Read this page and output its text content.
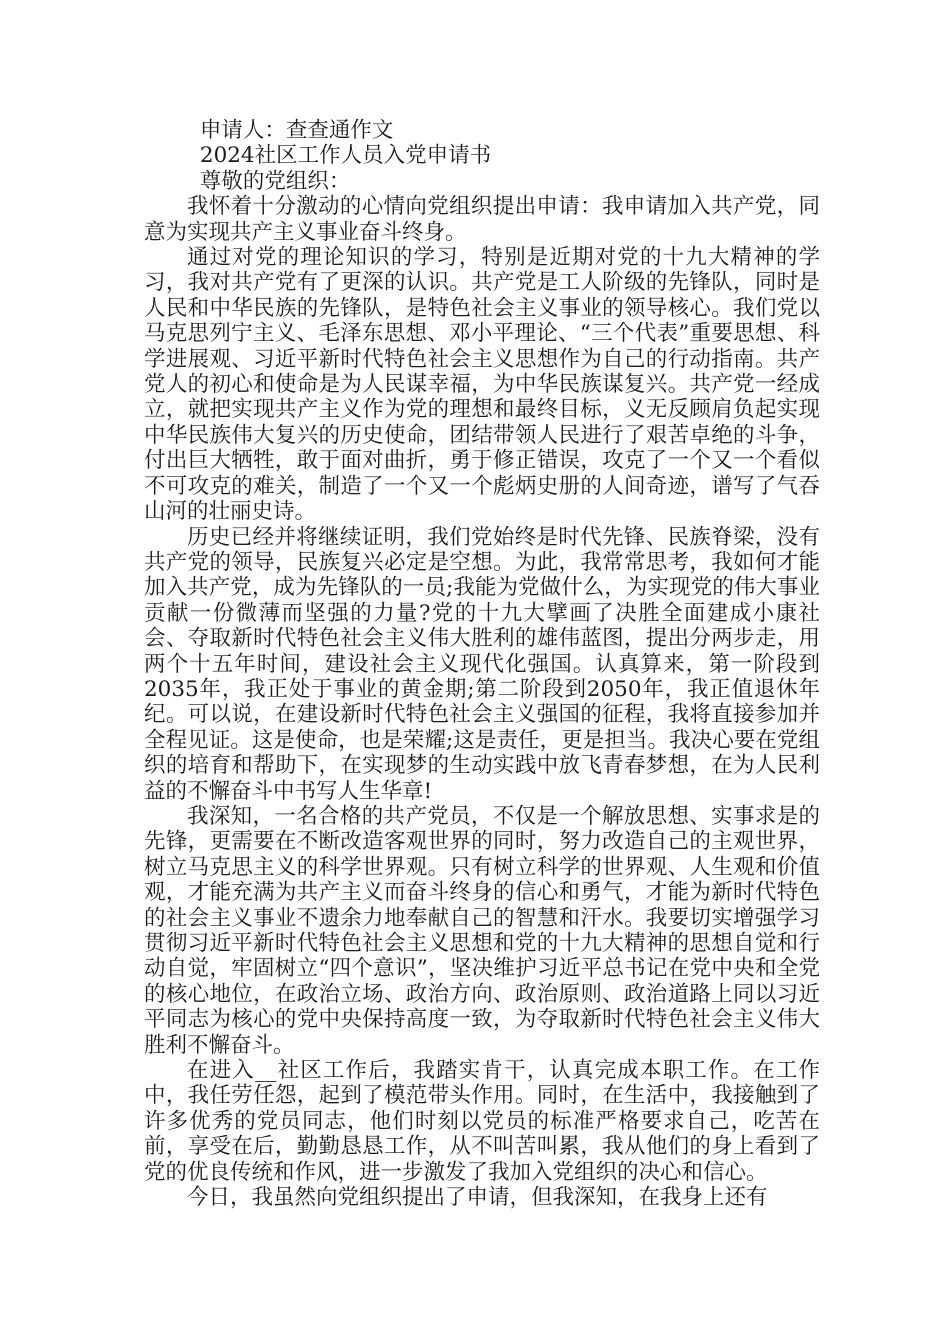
申请人：查查通作文

2024社区工作人员入党申请书

尊敬的党组织：

我怀着十分激动的心情向党组织提出申请：我申请加入共产党，同意为实现共产主义事业奋斗终身。

通过对党的理论知识的学习，特别是近期对党的十九大精神的学习，我对共产党有了更深的认识。共产党是工人阶级的先锋队，同时是人民和中华民族的先锋队，是特色社会主义事业的领导核心。我们党以马克思列宁主义、毛泽东思想、邓小平理论、“三个代表”重要思想、科学进展观、习近平新时代特色社会主义思想作为自己的行动指南。共产党人的初心和使命是为人民谋幸福，为中华民族谋复兴。共产党一经成立，就把实现共产主义作为党的理想和最终目标，义无反顾肩负起实现中华民族伟大复兴的历史使命，团结带领人民进行了艰苦卓绝的斗争，付出巨大牺牲，敢于面对曲折，勇于修正错误，攻克了一个又一个看似不可攻克的难关，制造了一个又一个彪炳史册的人间奇迹，谱写了气吞山河的壮丽史诗。

历史已经并将继续证明，我们党始终是时代先锋、民族脊梁，没有共产党的领导，民族复兴必定是空想。为此，我常常思考，我如何才能加入共产党，成为先锋队的一员;我能为党做什么，为实现党的伟大事业贡献一份微薄而坚强的力量?党的十九大擘画了决胜全面建成小康社会、夺取新时代特色社会主义伟大胜利的雄伟蓝图，提出分两步走，用两个十五年时间，建设社会主义现代化强国。认真算来，第一阶段到2035年，我正处于事业的黄金期;第二阶段到2050年，我正值退休年纪。可以说，在建设新时代特色社会主义强国的征程，我将直接参加并全程见证。这是使命，也是荣耀;这是责任，更是担当。我决心要在党组织的培育和帮助下，在实现梦的生动实践中放飞青春梦想，在为人民利益的不懈奋斗中书写人生华章!

我深知，一名合格的共产党员，不仅是一个解放思想、实事求是的先锋，更需要在不断改造客观世界的同时，努力改造自己的主观世界，树立马克思主义的科学世界观。只有树立科学的世界观、人生观和价值观，才能充满为共产主义而奋斗终身的信心和勇气，才能为新时代特色的社会主义事业不遗余力地奉献自己的智慧和汗水。我要切实增强学习贯彻习近平新时代特色社会主义思想和党的十九大精神的思想自觉和行动自觉，牢固树立“四个意识”，坚决维护习近平总书记在党中央和全党的核心地位，在政治立场、政治方向、政治原则、政治道路上同以习近平同志为核心的党中央保持高度一致，为夺取新时代特色社会主义伟大胜利不懈奋斗。

在进入__社区工作后，我踏实肯干，认真完成本职工作。在工作中，我任劳任怨，起到了模范带头作用。同时，在生活中，我接触到了许多优秀的党员同志，他们时刻以党员的标准严格要求自己，吃苦在前，享受在后，勤勤恳恳工作，从不叫苦叫累，我从他们的身上看到了党的优良传统和作风，进一步激发了我加入党组织的决心和信心。

今日，我虽然向党组织提出了申请，但我深知，在我身上还有
